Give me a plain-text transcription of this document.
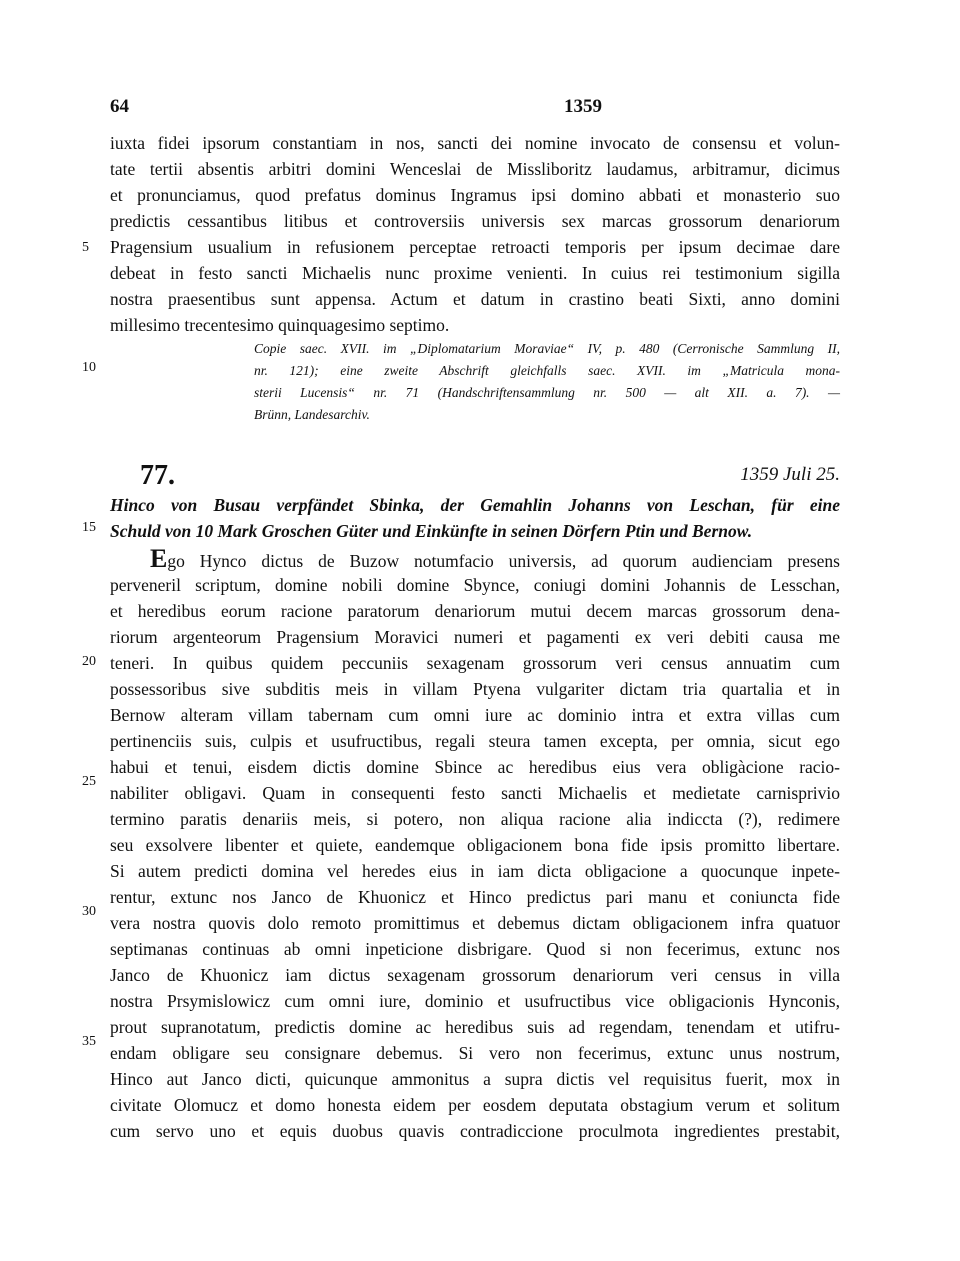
64	1359
iuxta fidei ipsorum constantiam in nos, sancti dei nomine invocato de consensu et volun-
tate tertii absentis arbitri domini Wenceslai de Missliboritz laudamus, arbitramur, dicimus
et pronunciamus, quod prefatus dominus Ingramus ipsi domino abbati et monasterio suo
predictis cessantibus litibus et controversiis universis sex marcas grossorum denariorum
Pragensium usualium in refusionem perceptae retroacti temporis per ipsum decimae dare
debeat in festo sancti Michaelis nunc proxime venienti. In cuius rei testimonium sigilla
nostra praesentibus sunt appensa. Actum et datum in crastino beati Sixti, anno domini
millesimo trecentesimo quinquagesimo septimo.
Copie saec. XVII. im „Diplomatarium Moraviae“ IV, p. 480 (Cerronische Sammlung II,
nr. 121); eine zweite Abschrift gleichfalls saec. XVII. im „Matricula mona-
sterii Lucensis“ nr. 71 (Handschriftensammlung nr. 500 — alt XII. a. 7). —
Brünn, Landesarchiv.
5
10
15
20
25
30
35
77.	1359 Juli 25.
Hinco von Busau verpfändet Sbinka, der Gemahlin Johanns von Leschan, für eine
Schuld von 10 Mark Groschen Güter und Einkünfte in seinen Dörfern Ptin und Bernow.
Ego Hynco dictus de Buzow notumfacio universis, ad quorum audienciam presens
perveneril scriptum, domine nobili domine Sbynce, coniugi domini Johannis de Lesschan,
et heredibus eorum racione paratorum denariorum mutui decem marcas grossorum dena-
riorum argenteorum Pragensium Moravici numeri et pagamenti ex veri debiti causa me
teneri. In quibus quidem peccuniis sexagenam grossorum veri census annuatim cum
possessoribus sive subditis meis in villam Ptyena vulgariter dictam tria quartalia et in
Bernow alteram villam tabernam cum omni iure ac dominio intra et extra villas cum
pertinenciis suis, culpis et usufructibus, regali steura tamen excepta, per omnia, sicut ego
habui et tenui, eisdem dictis domine Sbince ac heredibus eius vera obligàcione racio-
nabiliter obligavi. Quam in consequenti festo sancti Michaelis et medietate carnisprivio
termino paratis denariis meis, si potero, non aliqua racione alia indiccta (?), redimere
seu exsolvere libenter et quiete, eandemque obligacionem bona fide ipsis promitto libertare.
Si autem predicti domina vel heredes eius in iam dicta obligacione a quocunque inpete-
rentur, extunc nos Janco de Khuonicz et Hinco predictus pari manu et coniuncta fide
vera nostra quovis dolo remoto promittimus et debemus dictam obligacionem infra quatuor
septimanas continuas ab omni inpeticione disbrigare. Quod si non fecerimus, extunc nos
Janco de Khuonicz iam dictus sexagenam grossorum denariorum veri census in villa
nostra Prsymislowicz cum omni iure, dominio et usufructibus vice obligacionis Hynconis,
prout supranotatum, predictis domine ac heredibus suis ad regendam, tenendam et utifru-
endam obligare seu consignare debemus. Si vero non fecerimus, extunc unus nostrum,
Hinco aut Janco dicti, quicunque ammonitus a supra dictis vel requisitus fuerit, mox in
civitate Olomucz et domo honesta eidem per eosdem deputata obstagium verum et solitum
cum servo uno et equis duobus quavis contradiccione proculmota ingredientes prestabit,
